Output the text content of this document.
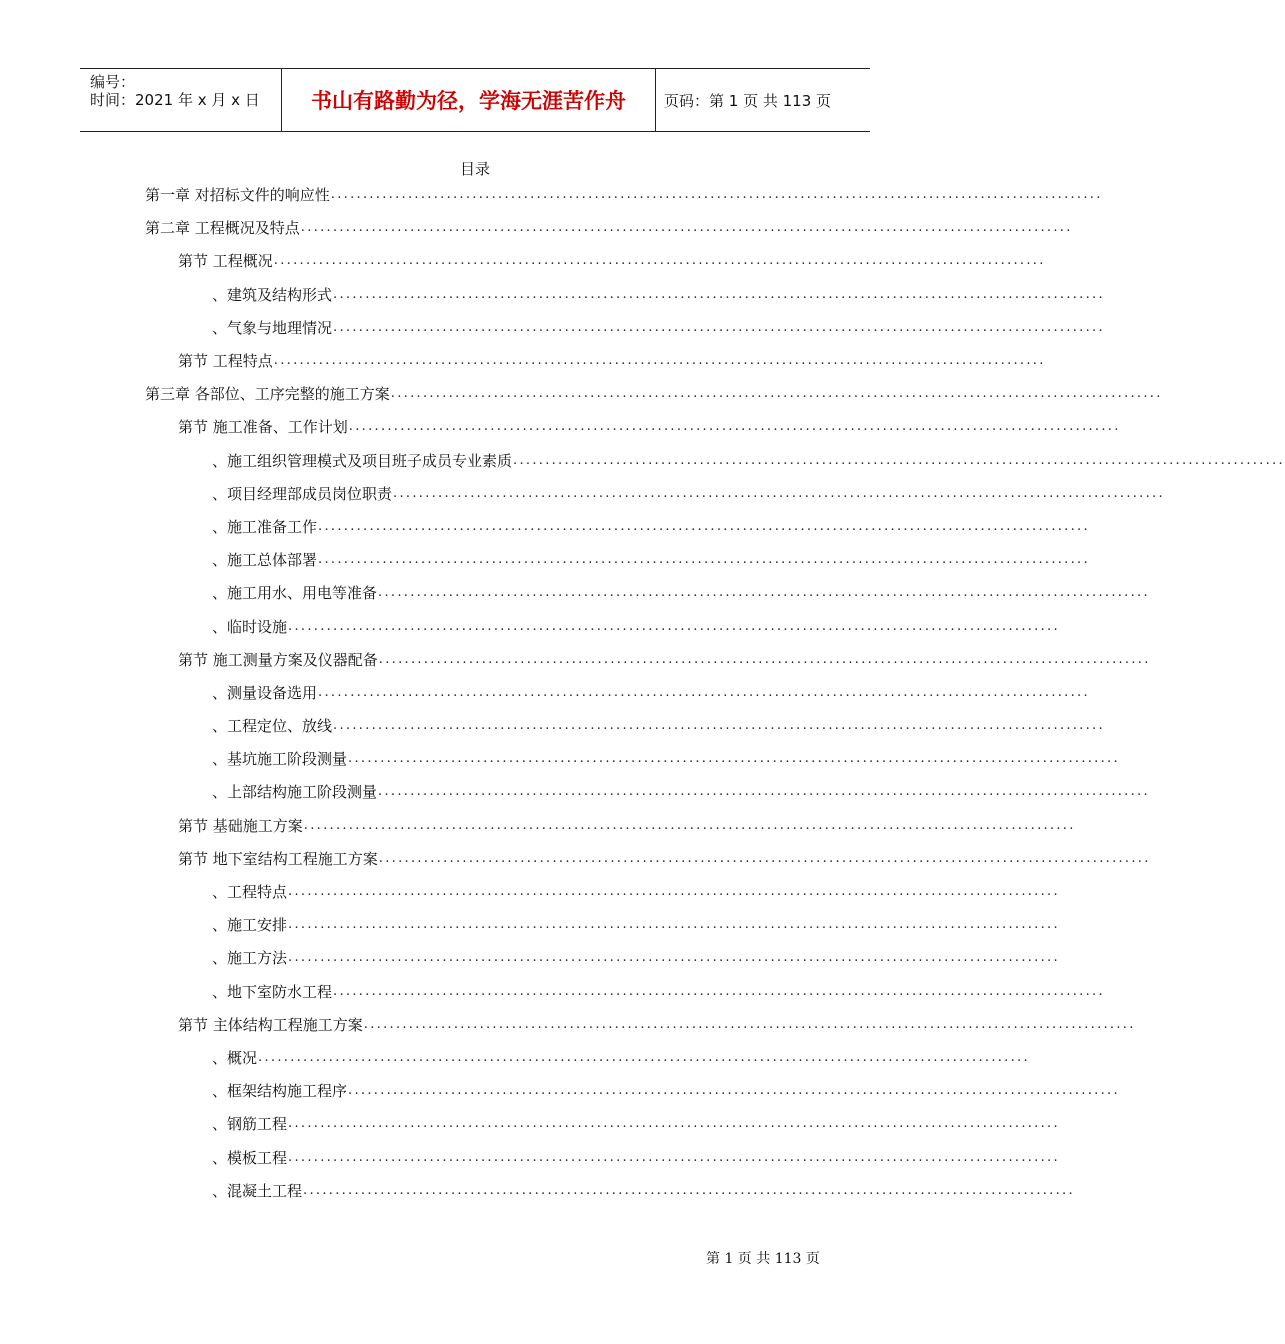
编号：
时间：2021 年 x 月 x 日	书山有路勤为径，学海无涯苦作舟	页码：第 1 页 共 113 页
目录
第一章 对招标文件的响应性 ........................................................................................................................
第二章 工程概况及特点 ........................................................................................................................
第节 工程概况 ........................................................................................................................
、 建筑及结构形式 ........................................................................................................................
、 气象与地理情况 ........................................................................................................................
第节 工程特点 ........................................................................................................................
第三章 各部位、工序完整的施工方案 ........................................................................................................................
第节 施工准备、工作计划 ........................................................................................................................
、 施工组织管理模式及项目班子成员专业素质 ........................................................................................................................
、 项目经理部成员岗位职责 ........................................................................................................................
、 施工准备工作 ........................................................................................................................
、 施工总体部署 ........................................................................................................................
、 施工用水、用电等准备 ........................................................................................................................
、 临时设施 ........................................................................................................................
第节 施工测量方案及仪器配备 ........................................................................................................................
、 测量设备选用 ........................................................................................................................
、 工程定位、放线 ........................................................................................................................
、 基坑施工阶段测量 ........................................................................................................................
、 上部结构施工阶段测量 ........................................................................................................................
第节 基础施工方案 ........................................................................................................................
第节 地下室结构工程施工方案 ........................................................................................................................
、 工程特点 ........................................................................................................................
、 施工安排 ........................................................................................................................
、 施工方法 ........................................................................................................................
、 地下室防水工程 ........................................................................................................................
第节 主体结构工程施工方案 ........................................................................................................................
、 概况 ........................................................................................................................
、 框架结构施工程序 ........................................................................................................................
、 钢筋工程 ........................................................................................................................
、 模板工程 ........................................................................................................................
、 混凝土工程 ........................................................................................................................
第 1 页 共 113 页
